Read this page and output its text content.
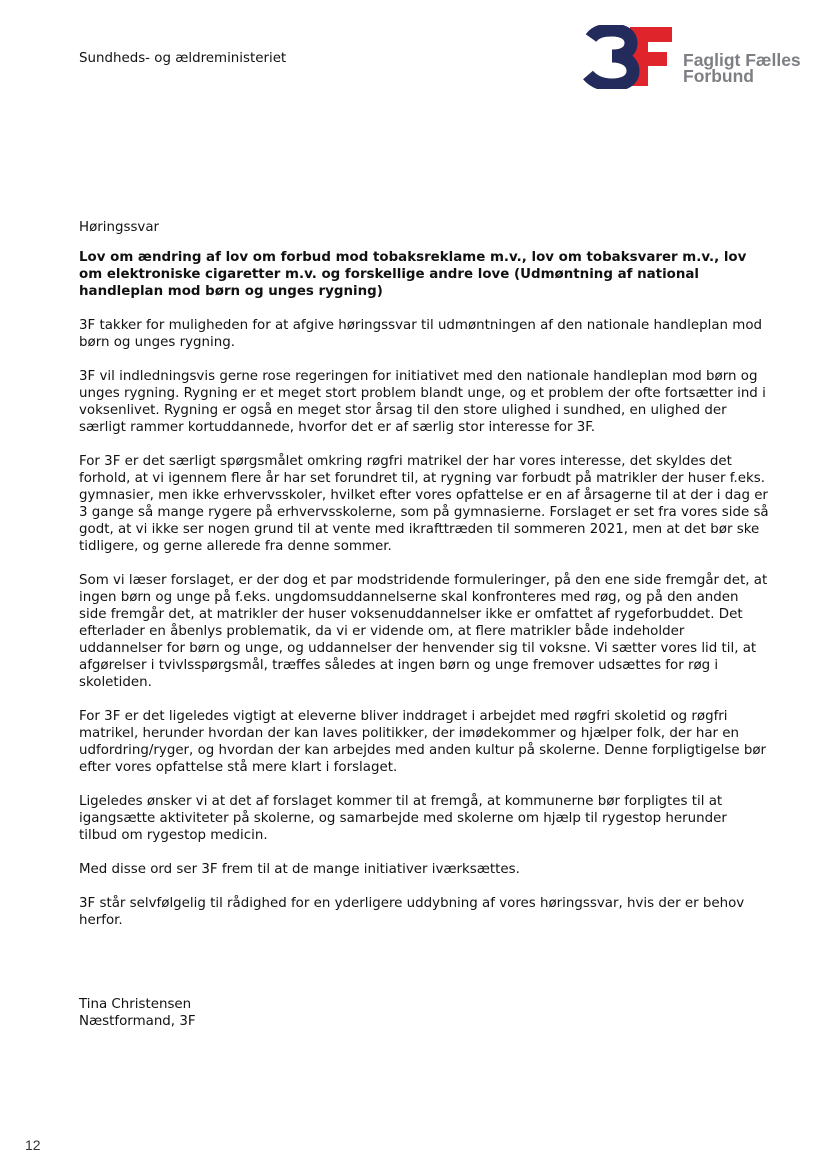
Sundheds- og ældreministeriet	Fagligt Fælles
Forbund
Høringssvar
Lov om ændring af lov om forbud mod tobaksreklame m.v., lov om tobaksvarer m.v., lov om elektroniske cigaretter m.v. og forskellige andre love (Udmøntning af national handleplan mod børn og unges rygning)

3F takker for muligheden for at afgive høringssvar til udmøntningen af den nationale handleplan mod børn og unges rygning.

3F vil indledningsvis gerne rose regeringen for initiativet med den nationale handleplan mod børn og unges rygning. Rygning er et meget stort problem blandt unge, og et problem der ofte fortsætter ind i voksenlivet. Rygning er også en meget stor årsag til den store ulighed i sundhed, en ulighed der særligt rammer kortuddannede, hvorfor det er af særlig stor interesse for 3F.

For 3F er det særligt spørgsmålet omkring røgfri matrikel der har vores interesse, det skyldes det forhold, at vi igennem flere år har set forundret til, at rygning var forbudt på matrikler der huser f.eks. gymnasier, men ikke erhvervsskoler, hvilket efter vores opfattelse er en af årsagerne til at der i dag er 3 gange så mange rygere på erhvervsskolerne, som på gymnasierne. Forslaget er set fra vores side så godt, at vi ikke ser nogen grund til at vente med ikrafttræden til sommeren 2021, men at det bør ske tidligere, og gerne allerede fra denne sommer.

Som vi læser forslaget, er der dog et par modstridende formuleringer, på den ene side fremgår det, at ingen børn og unge på f.eks. ungdomsuddannelserne skal konfronteres med røg, og på den anden side fremgår det, at matrikler der huser voksenuddannelser ikke er omfattet af rygeforbuddet. Det efterlader en åbenlys problematik, da vi er vidende om, at flere matrikler både indeholder uddannelser for børn og unge, og uddannelser der henvender sig til voksne. Vi sætter vores lid til, at afgørelser i tvivlsspørgsmål, træffes således at ingen børn og unge fremover udsættes for røg i skoletiden.

For 3F er det ligeledes vigtigt at eleverne bliver inddraget i arbejdet med røgfri skoletid og røgfri matrikel, herunder hvordan der kan laves politikker, der imødekommer og hjælper folk, der har en udfordring/ryger, og hvordan der kan arbejdes med anden kultur på skolerne. Denne forpligtigelse bør efter vores opfattelse stå mere klart i forslaget.

Ligeledes ønsker vi at det af forslaget kommer til at fremgå, at kommunerne bør forpligtes til at igangsætte aktiviteter på skolerne, og samarbejde med skolerne om hjælp til rygestop herunder tilbud om rygestop medicin.

Med disse ord ser 3F frem til at de mange initiativer iværksættes.

3F står selvfølgelig til rådighed for en yderligere uddybning af vores høringssvar, hvis der er behov herfor.

Tina Christensen
Næstformand, 3F
12
